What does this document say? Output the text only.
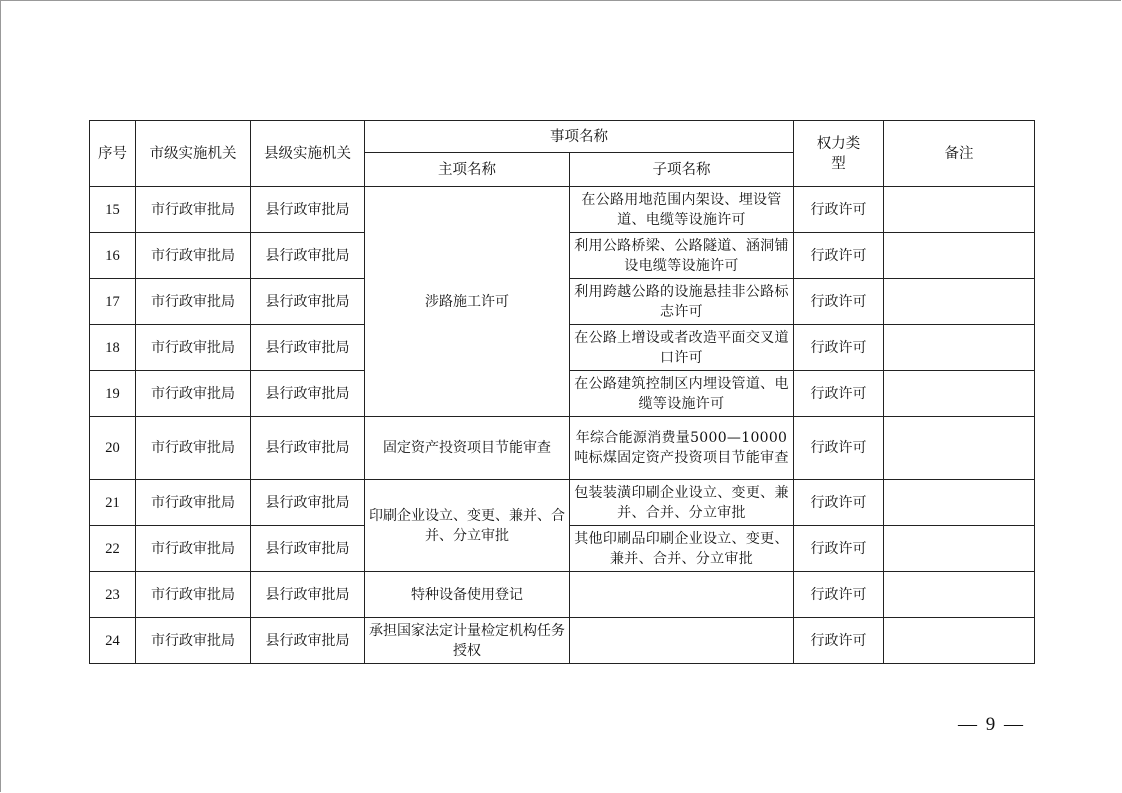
序号	市级实施机关	县级实施机关	事项名称		权力类型	备注
			主项名称	子项名称		
15	市行政审批局	县行政审批局	涉路施工许可	在公路用地范围内架设、埋设管道、电缆等设施许可	行政许可	
16	市行政审批局	县行政审批局		利用公路桥梁、公路隧道、涵洞铺设电缆等设施许可	行政许可	
17	市行政审批局	县行政审批局		利用跨越公路的设施悬挂非公路标志许可	行政许可	
18	市行政审批局	县行政审批局		在公路上增设或者改造平面交叉道口许可	行政许可	
19	市行政审批局	县行政审批局		在公路建筑控制区内埋设管道、电缆等设施许可	行政许可	
20	市行政审批局	县行政审批局	固定资产投资项目节能审查	年综合能源消费量5000—10000吨标煤固定资产投资项目节能审查	行政许可	
21	市行政审批局	县行政审批局	印刷企业设立、变更、兼并、合并、分立审批	包装装潢印刷企业设立、变更、兼并、合并、分立审批	行政许可	
22	市行政审批局	县行政审批局		其他印刷品印刷企业设立、变更、兼并、合并、分立审批	行政许可	
23	市行政审批局	县行政审批局	特种设备使用登记		行政许可	
24	市行政审批局	县行政审批局	承担国家法定计量检定机构任务授权		行政许可	
— 9 —
